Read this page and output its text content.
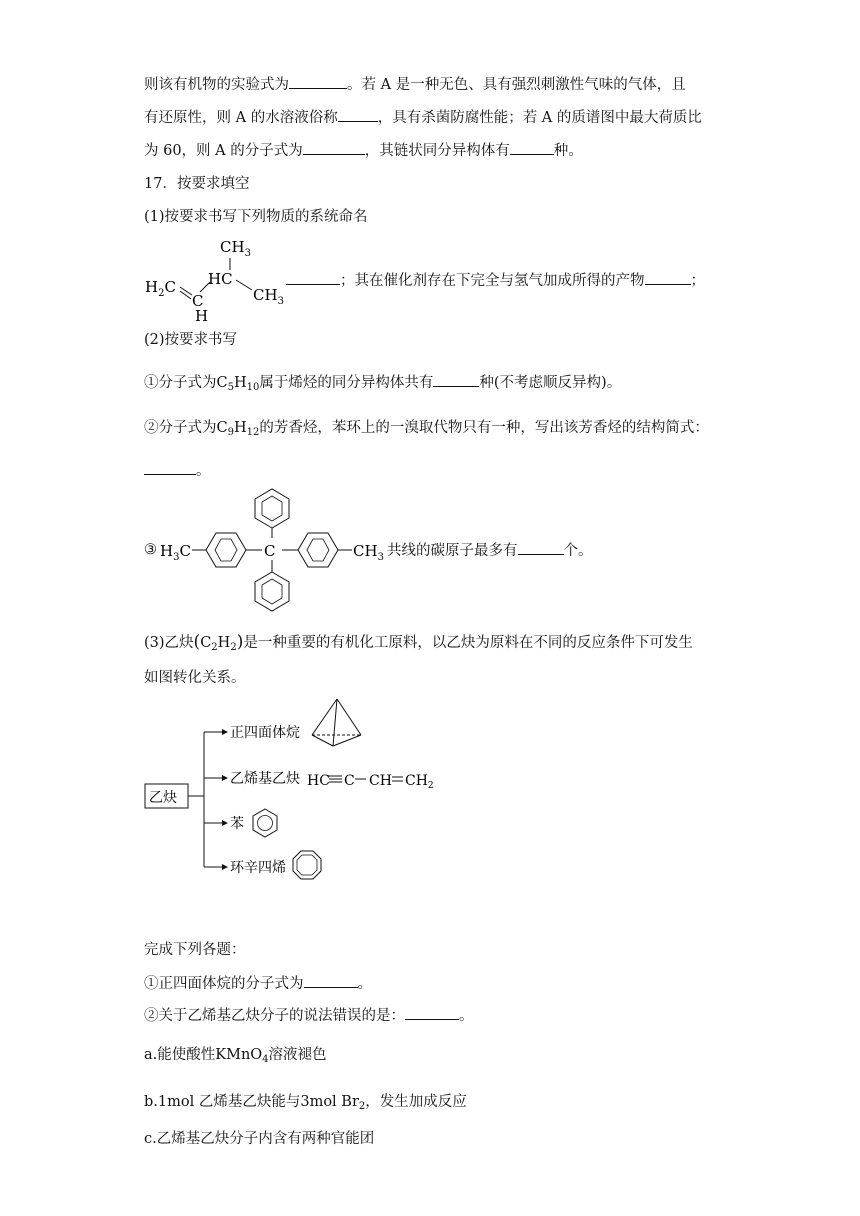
则该有机物的实验式为	。若 A 是一种无色、具有强烈刺激性气味的气体，且
有还原性，则 A 的水溶液俗称	，具有杀菌防腐性能；若 A 的质谱图中最大荷质比
为 60，则 A 的分子式为	，其链状同分异构体有	种。
17．按要求填空
(1)按要求书写下列物质的系统命名
$CH_3$
HC
$CH_3$
C
H
$H_2C$	；其在催化剂存在下完全与氢气加成所得的产物	；
(2)按要求书写
①分子式为$C_5H_{10}$属于烯烃的同分异构体共有	种(不考虑顺反异构)。
②分子式为$C_9H_{12}$的芳香烃，苯环上的一溴取代物只有一种，写出该芳香烃的结构简式：
。
③ $H_3C$	C	$CH_3$ 共线的碳原子最多有	个。
(3)乙炔$(C_2H_2)$是一种重要的有机化工原料，以乙炔为原料在不同的反应条件下可发生
如图转化关系。
乙炔
正四面体烷
乙烯基乙炔
苯
环辛四烯
HC C CH $CH_2$
完成下列各题：
①正四面体烷的分子式为	。
②关于乙烯基乙炔分子的说法错误的是：	。
a.能使酸性KMnO$_4$溶液褪色
b.1mol 乙烯基乙炔能与3mol $Br_2$，发生加成反应
c.乙烯基乙炔分子内含有两种官能团
